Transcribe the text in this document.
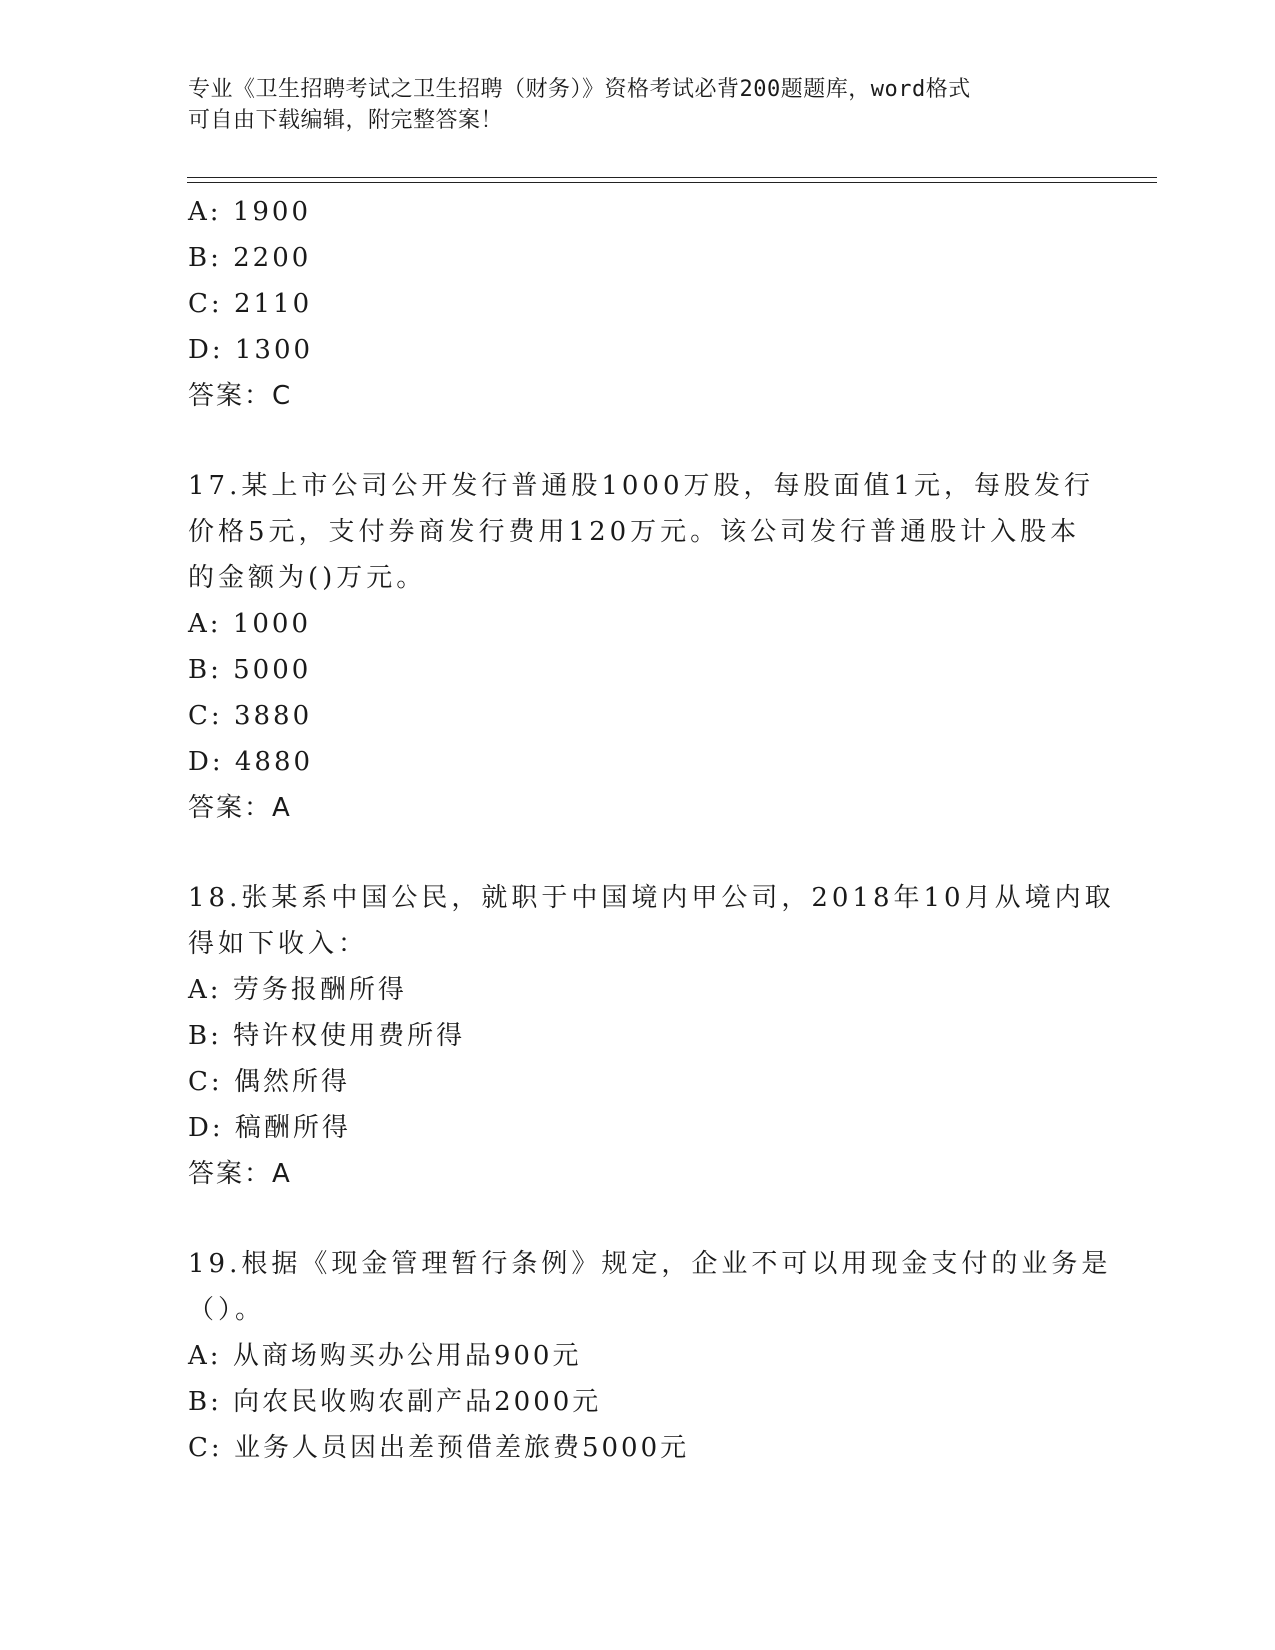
专业《卫生招聘考试之卫生招聘（财务）》资格考试必背200题题库，word格式
可自由下载编辑，附完整答案！
A: 1900
B: 2200
C: 2110
D: 1300
答案：C
17.某上市公司公开发行普通股1000万股，每股面值1元，每股发行
价格5元，支付券商发行费用120万元。该公司发行普通股计入股本
的金额为()万元。
A: 1000
B: 5000
C: 3880
D: 4880
答案：A
18.张某系中国公民，就职于中国境内甲公司，2018年10月从境内取
得如下收入：
A: 劳务报酬所得
B: 特许权使用费所得
C: 偶然所得
D: 稿酬所得
答案：A
19.根据《现金管理暂行条例》规定，企业不可以用现金支付的业务是
（）。
A: 从商场购买办公用品900元
B: 向农民收购农副产品2000元
C: 业务人员因出差预借差旅费5000元
